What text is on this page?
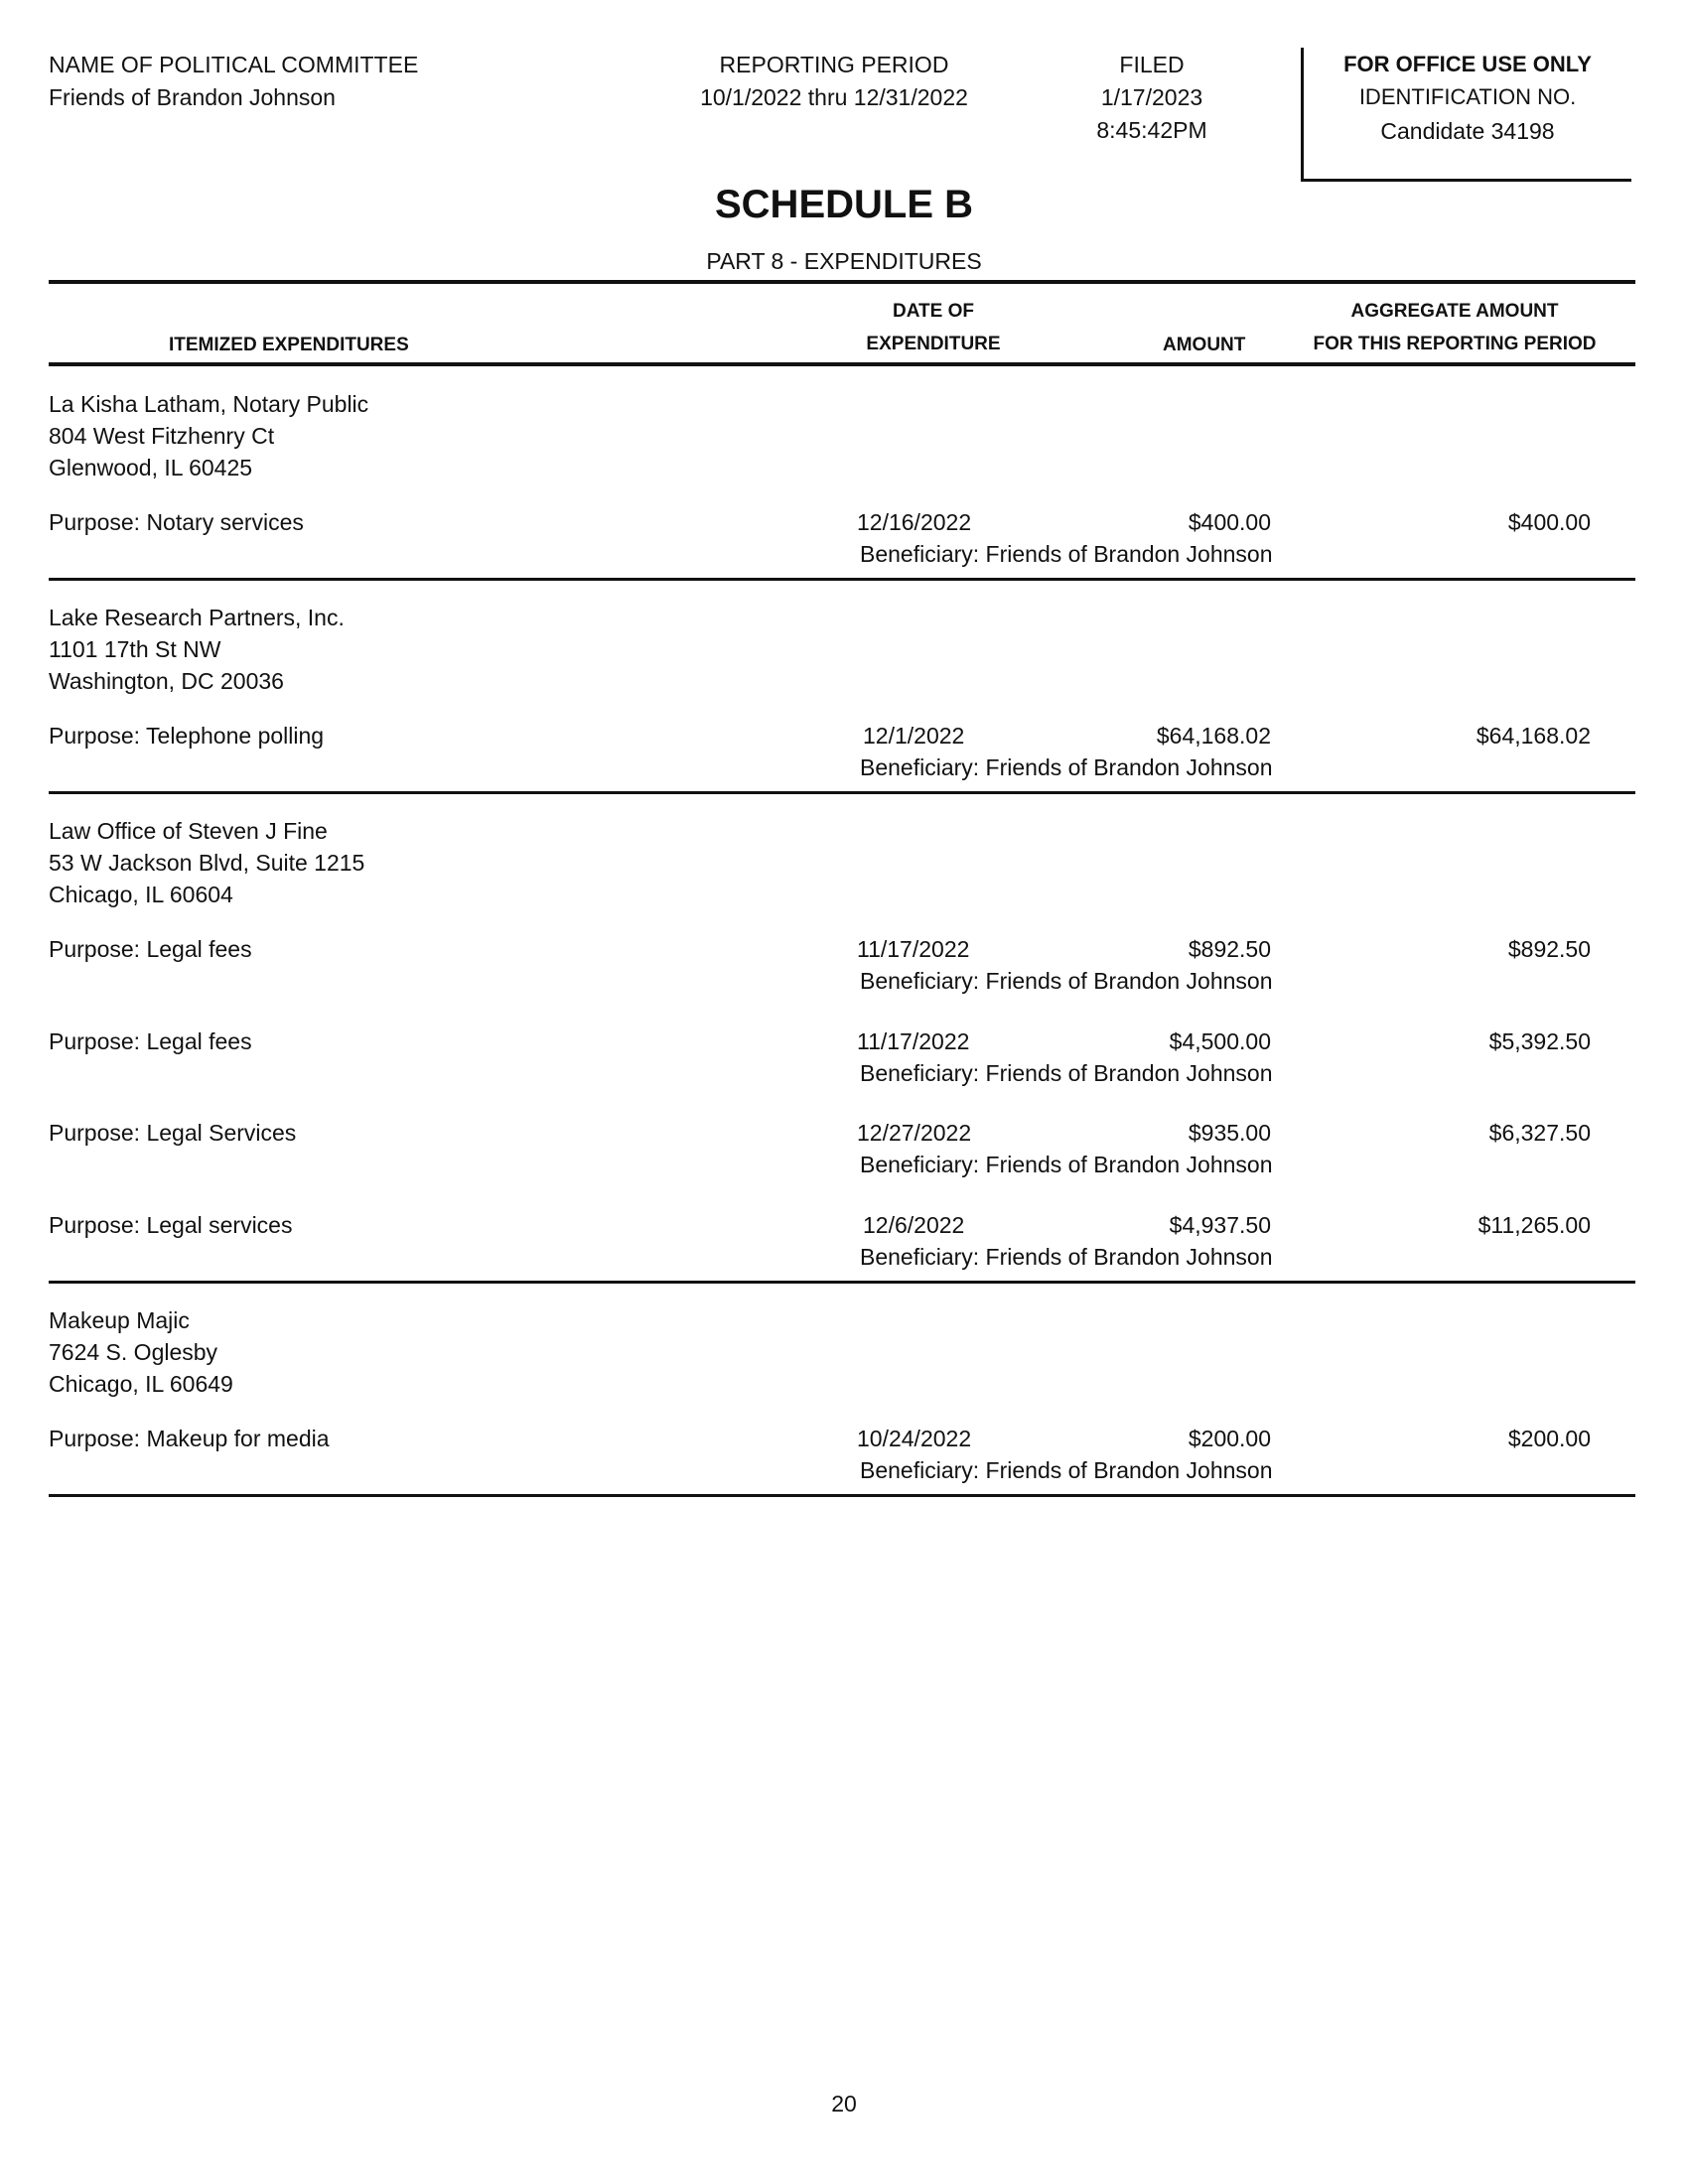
NAME OF POLITICAL COMMITTEE
Friends of Brandon Johnson
REPORTING PERIOD
10/1/2022 thru 12/31/2022
FILED
1/17/2023
8:45:42PM
FOR OFFICE USE ONLY
IDENTIFICATION NO.
Candidate 34198
SCHEDULE B
PART 8 - EXPENDITURES
ITEMIZED EXPENDITURES
DATE OF
EXPENDITURE	AMOUNT
AGGREGATE AMOUNT
FOR THIS REPORTING PERIOD
La Kisha Latham, Notary Public
804 West Fitzhenry Ct
Glenwood, IL 60425
Purpose: Notary services	12/16/2022	$400.00	$400.00
Beneficiary: Friends of Brandon Johnson
Lake Research Partners, Inc.
1101 17th St NW
Washington, DC 20036
Purpose: Telephone polling	12/1/2022	$64,168.02	$64,168.02
Beneficiary: Friends of Brandon Johnson
Law Office of Steven J Fine
53 W Jackson Blvd, Suite 1215
Chicago, IL 60604
Purpose: Legal fees	11/17/2022	$892.50	$892.50
Beneficiary: Friends of Brandon Johnson
Purpose: Legal fees	11/17/2022	$4,500.00	$5,392.50
Beneficiary: Friends of Brandon Johnson
Purpose: Legal Services	12/27/2022	$935.00	$6,327.50
Beneficiary: Friends of Brandon Johnson
Purpose: Legal services	12/6/2022	$4,937.50	$11,265.00
Beneficiary: Friends of Brandon Johnson
Makeup Majic
7624 S. Oglesby
Chicago, IL 60649
Purpose: Makeup for media	10/24/2022	$200.00	$200.00
Beneficiary: Friends of Brandon Johnson
20
